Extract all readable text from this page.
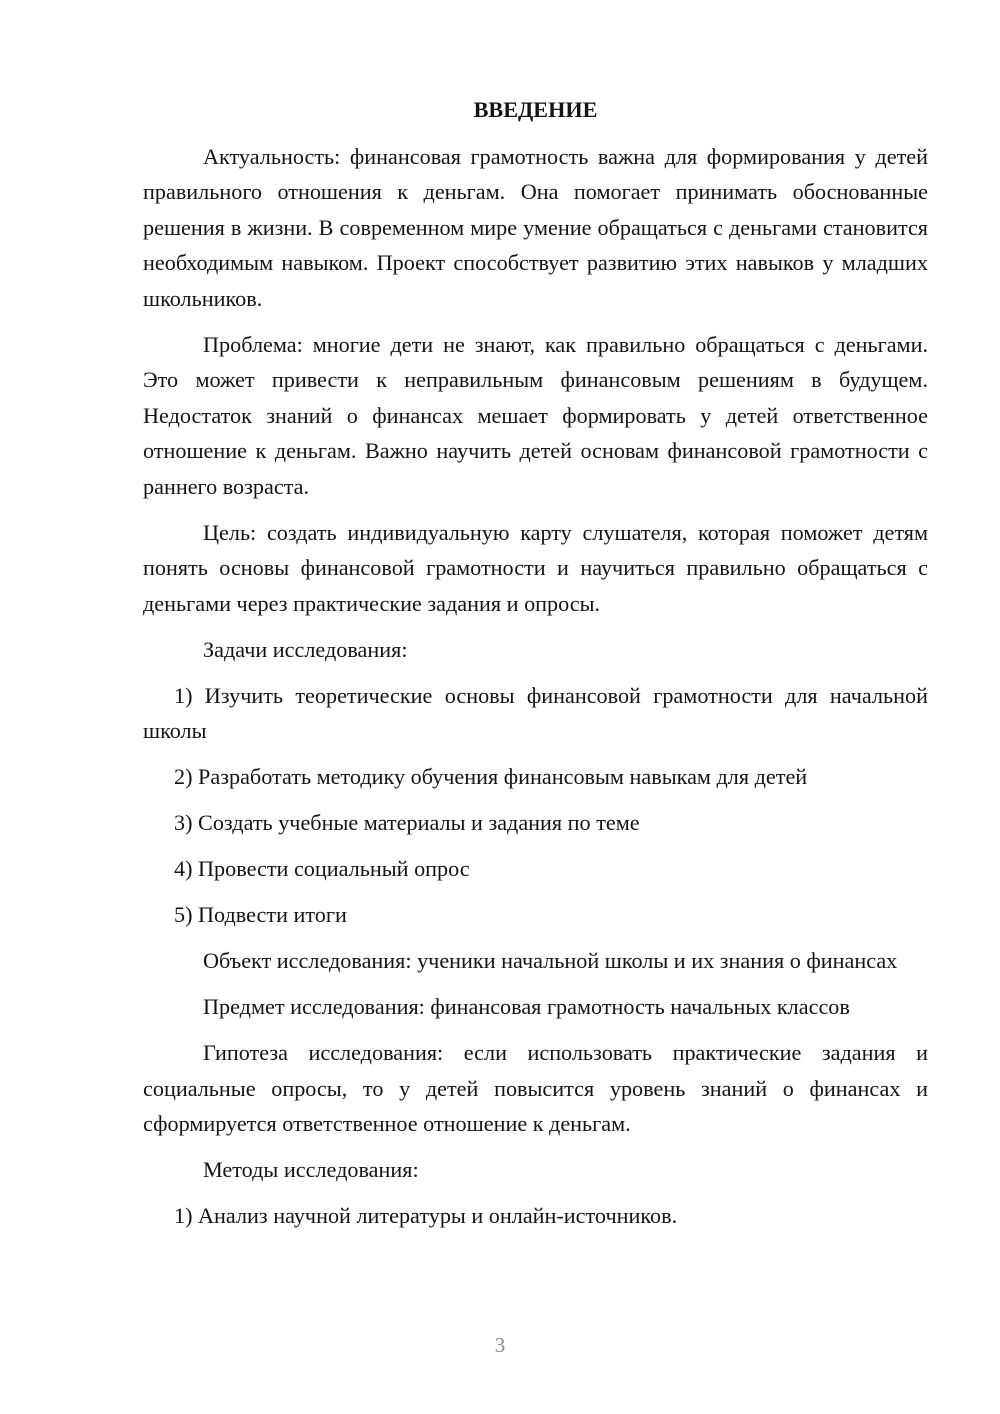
ВВЕДЕНИЕ

Актуальность: финансовая грамотность важна для формирования у детей правильного отношения к деньгам. Она помогает принимать обоснованные решения в жизни. В современном мире умение обращаться с деньгами становится необходимым навыком. Проект способствует развитию этих навыков у младших школьников.

Проблема: многие дети не знают, как правильно обращаться с деньгами. Это может привести к неправильным финансовым решениям в будущем. Недостаток знаний о финансах мешает формировать у детей ответственное отношение к деньгам. Важно научить детей основам финансовой грамотности с раннего возраста.

Цель: создать индивидуальную карту слушателя, которая поможет детям понять основы финансовой грамотности и научиться правильно обращаться с деньгами через практические задания и опросы.

Задачи исследования:

1) Изучить теоретические основы финансовой грамотности для начальной школы

2) Разработать методику обучения финансовым навыкам для детей

3) Создать учебные материалы и задания по теме

4) Провести социальный опрос

5) Подвести итоги

Объект исследования: ученики начальной школы и их знания о финансах

Предмет исследования: финансовая грамотность начальных классов

Гипотеза исследования: если использовать практические задания и социальные опросы, то у детей повысится уровень знаний о финансах и сформируется ответственное отношение к деньгам.

Методы исследования:

1) Анализ научной литературы и онлайн-источников.

3
